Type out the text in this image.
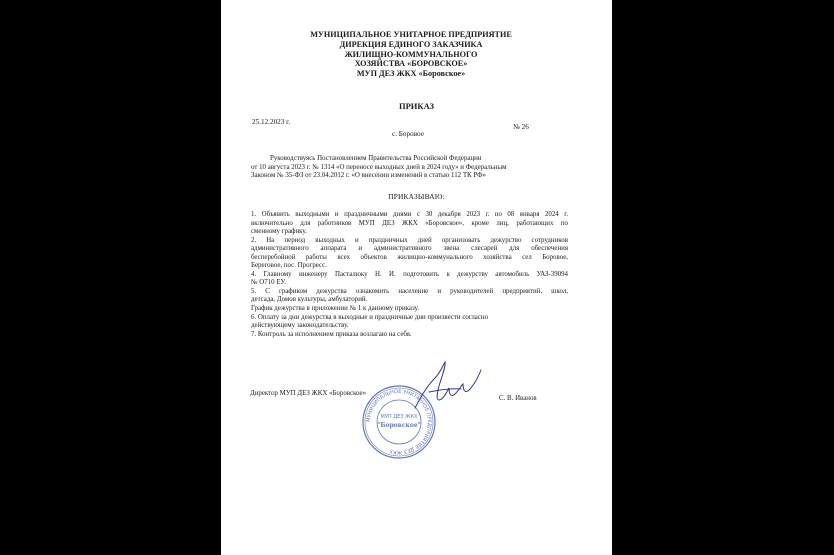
МУНИЦИПАЛЬНОЕ УНИТАРНОЕ ПРЕДПРИЯТИЕ
ДИРЕКЦИЯ ЕДИНОГО ЗАКАЗЧИКА
ЖИЛИЩНО-КОММУНАЛЬНОГО
ХОЗЯЙСТВА «БОРОВСКОЕ»
МУП ДЕЗ ЖКХ «Боровское»
ПРИКАЗ
25.12.2023 г.
№ 26
с. Боровое
Руководствуясь Постановлением Правительства Российской Федерации
от 10 августа 2023 г. № 1314 «О переносе выходных дней в 2024 году» и Федеральным
Законом № 35-ФЗ от 23.04.2012 г. «О внесении изменений в статью 112 ТК РФ»
ПРИКАЗЫВАЮ:
1. Объявить выходными и праздничными днями с 30 декабря 2023 г. по 08 января 2024 г.
включительно для работников МУП ДЕЗ ЖКХ «Боровское», кроме лиц, работающих по
сменному графику.
2. На период выходных и праздничных дней организовать дежурство сотрудников
административного аппарата и административного звена слесарей для обеспечения
бесперебойной работы всех объектов жилищно-коммунального хозяйства сел Боровое,
Береговое, пос. Прогресс.
4. Главному инженеру Пасталюку Н. И. подготовить к дежурству автомобиль УАЗ-39094
№ О710 ЕУ.
5. С графиком дежурства ознакомить население и руководителей предприятий, школ,
детсада, Домов культуры, амбулаторий.
График дежурства в приложении № 1 к данному приказу.
6. Оплату за дни дежурства в выходные и праздничные дни произвести согласно
действующему законодательству.
7. Контроль за исполнением приказа возлагаю на себя.
Директор МУП ДЕЗ ЖКХ «Боровское»
С. В. Иванов
МУНИЦИПАЛЬНОЕ УНИТАРНОЕ ПРЕДПРИЯТИЕ ДЕЗ ЖКХ
МУП ДЕЗ ЖКХ
"Боровское"
